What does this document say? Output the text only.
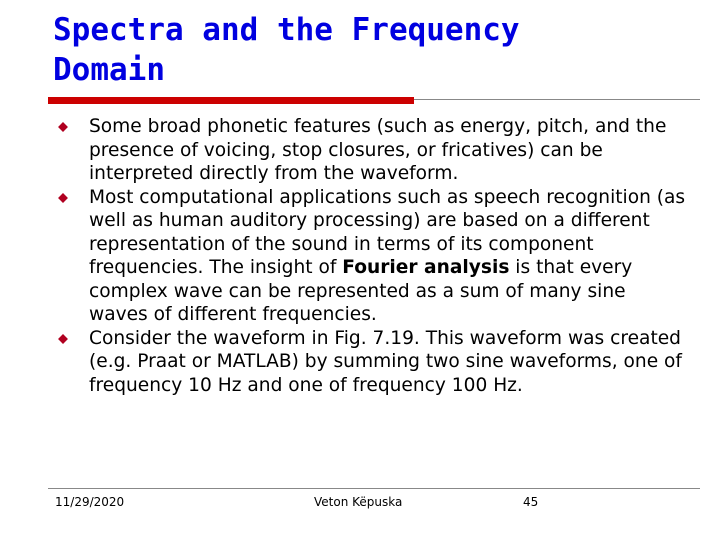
Spectra and the Frequency
Domain
Some broad phonetic features (such as energy, pitch, and the presence of voicing, stop closures, or fricatives) can be interpreted directly from the waveform.
Most computational applications such as speech recognition (as well as human auditory processing) are based on a different representation of the sound in terms of its component frequencies. The insight of Fourier analysis is that every complex wave can be represented as a sum of many sine waves of different frequencies.
Consider the waveform in Fig. 7.19. This waveform was created (e.g. Praat or MATLAB) by summing two sine waveforms, one of frequency 10 Hz and one of frequency 100 Hz.
11/29/2020	Veton Këpuska	45
